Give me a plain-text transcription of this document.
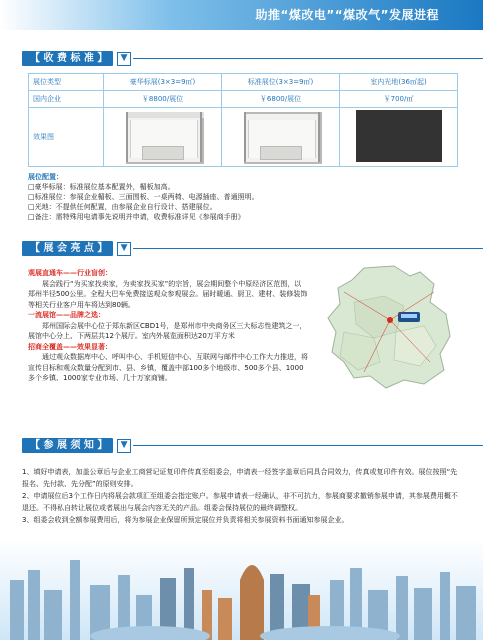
助推“煤改电”“煤改气”发展进程
【 收 费 标 准 】	▼
展位类型	豪华标展(3×3=9㎡)	标准展位(3×3=9㎡)	室内光地(36㎡起)
国内企业	￥8800/展位	￥6800/展位	￥700/㎡
效果图	

展位配置：
□豪华标展：标准展位基本配置外，楣板加高。
□标准展位：参展企业楣板、三面围板、一桌两椅、电源插座、普通照明。
□光地：不提供任何配置，由参展企业自行设计、搭建展位。
□备注：需特殊用电请事先说明并申请，收费标准详见《参展商手册》
【 展 会 亮 点 】	▼
观展直通车——行业盲创：

展会践行“为买家找卖家，为卖家找买家”的宗旨，展会期间整个中原经济区范围，以郑州半径500公里。全程大巴车免费接送观众参观展会。届时暖通、厨卫、建材、装修装饰等相关行业客户用车将达到80辆。

一流展馆——品牌之选：

郑州国际会展中心位于郑东新区CBD1号，是郑州市中央商务区三大标志性建筑之一，展馆中心分上、下两层共12个展厅。室内外展览面积达20万平方米

招商全覆盖——效果显著：

通过观众数据库中心、呼叫中心、手机短信中心、互联网与邮件中心工作大力推进，将宣传目标和观众数量分配到市、县、乡镇，覆盖中部100多个地级市、500多个县、1000多个乡镇、1000家专业市场、几十万家商铺。

【 参 展 须 知 】	▼

1、填好申请表，加盖公章后与企业工商营记证复印件传真至组委会，申请表一经签字盖章后同具合同效力，传真或复印件有效。展位按照“先报名、先付款、先分配”的原则安排。

2、申请展位后3个工作日内将展会款项汇至组委会指定账户。参展申请表一经确认，非不可抗力，参展商要求撤销参展申请，其参展费用概不退还。不得私自转让展位或者展出与展会内容无关的产品。组委会保持展位的最终调整权。

3、组委会收到全额参展费用后，将为参展企业保留所预定展位并负责将相关参展资料书面通知参展企业。
